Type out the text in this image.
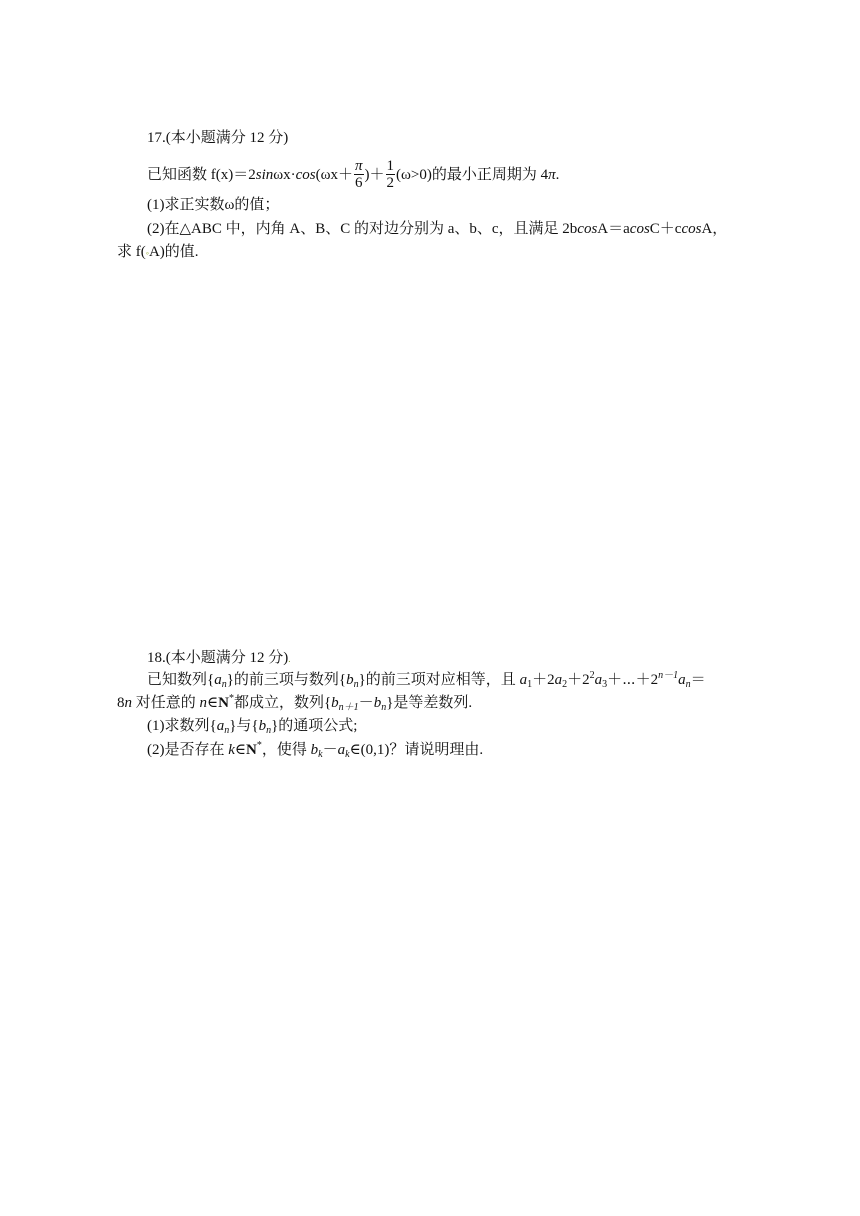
17.(本小题满分 12 分)
已知函数 $f(x)=2\sin\omega x\cdot\cos(\omega x+ \frac{\pi}{6}$ )＋ $\frac{1}{2} (\omega>0)$的最小正周期为 4π.
(1)求正实数ω的值；
(2)在△ABC 中，内角 A、B、C 的对边分别为 a、b、c，且满足 2bcosA＝acosC＋ccosA，
求 f(◦A)的值.
18.(本小题满分 12 分).
已知数列$\{a_n\}$的前三项与数列$\{b_n\}$的前三项对应相等，且 $a_1+2a_2+2^2a_3+\cdots+2^{n-1}a_n=$
8n 对任意的 n∈N*都成立，数列$\{b_{n+1}-b_n\}$是等差数列.
(1)求数列$\{a_n\}$与$\{b_n\}$的通项公式;
(2)是否存在 k∈N*，使得 $b_k-a_k\in(0,1)$？请说明理由.
